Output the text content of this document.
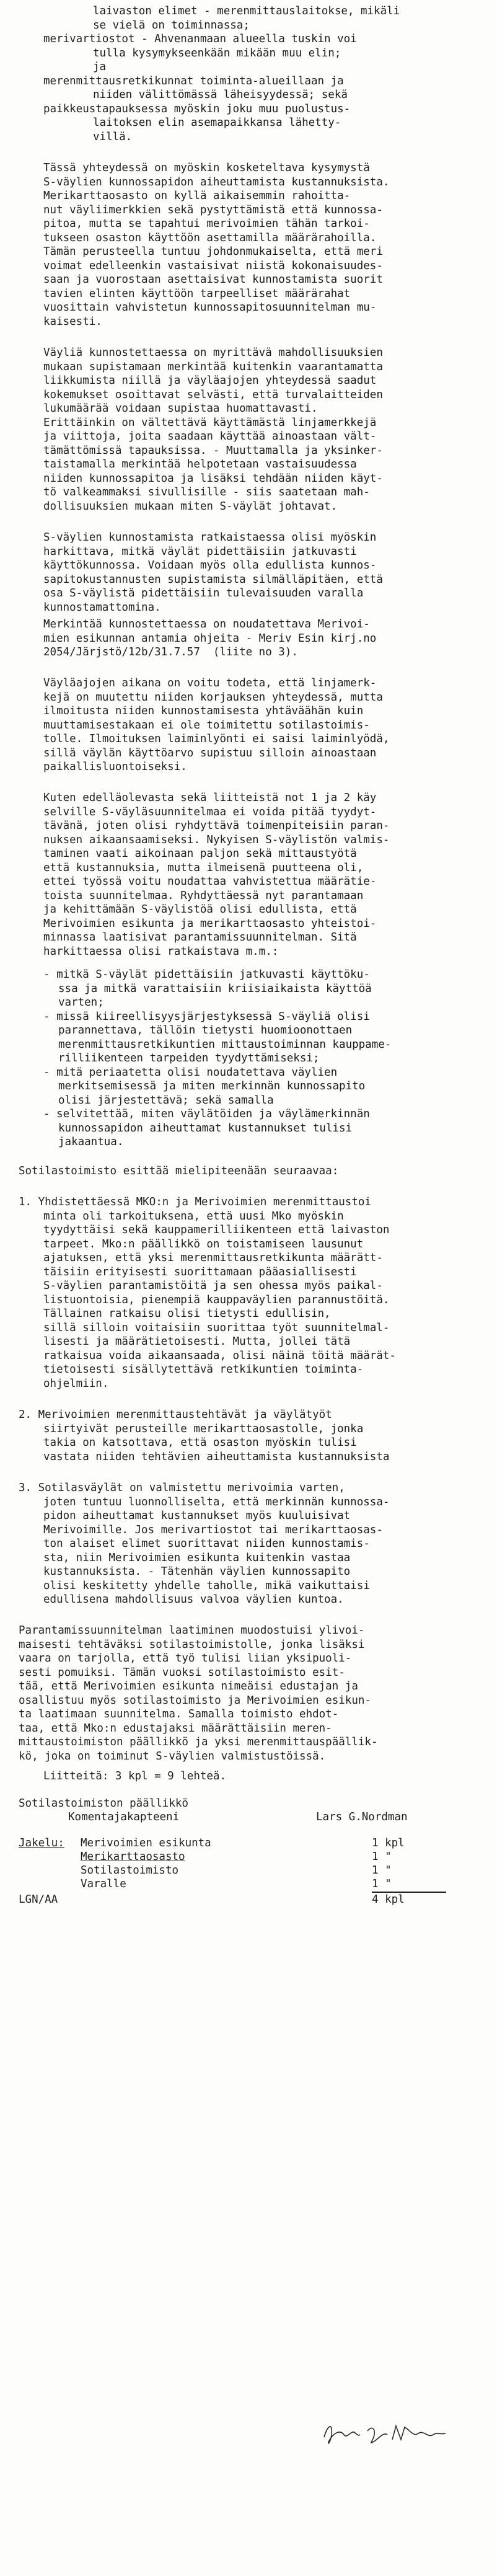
laivaston elimet - merenmittauslaitokse, mikäli
se vielä on toiminnassa;
merivartiostot - Ahvenanmaan alueella tuskin voi
tulla kysymykseenkään mikään muu elin;
ja
merenmittausretkikunnat toiminta-alueillaan ja
niiden välittömässä läheisyydessä; sekä
paikkeustapauksessa myöskin joku muu puolustus-
laitoksen elin asemapaikkansa lähetty-
villä.
Tässä yhteydessä on myöskin kosketeltava kysymystä
S-väylien kunnossapidon aiheuttamista kustannuksista.
Merikarttaosasto on kyllä aikaisemmin rahoitta-
nut väyliimerkkien sekä pystyttämistä että kunnossa-
pitoa, mutta se tapahtui merivoimien tähän tarkoi-
tukseen osaston käyttöön asettamilla määrärahoilla.
Tämän perusteella tuntuu johdonmukaiselta, että meri
voimat edelleenkin vastaisivat niistä kokonaisuudes-
saan ja vuorostaan asettaisivat kunnostamista suorit
tavien elinten käyttöön tarpeelliset määrärahat
vuosittain vahvistetun kunnossapitosuunnitelman mu-
kaisesti.
Väyliä kunnostettaessa on myrittävä mahdollisuuksien
mukaan supistamaan merkintää kuitenkin vaarantamatta
liikkumista niillä ja väyläajojen yhteydessä saadut
kokemukset osoittavat selvästi, että turvalaitteiden
lukumäärää voidaan supistaa huomattavasti.
Erittäinkin on vältettävä käyttämästä linjamerkkejä
ja viittoja, joita saadaan käyttää ainoastaan vält-
tämättömissä tapauksissa. - Muuttamalla ja yksinker-
taistamalla merkintää helpotetaan vastaisuudessa
niiden kunnossapitoa ja lisäksi tehdään niiden käyt-
tö valkeammaksi sivullisille - siis saatetaan mah-
dollisuuksien mukaan miten S-väylät johtavat.
S-väylien kunnostamista ratkaistaessa olisi myöskin
harkittava, mitkä väylät pidettäisiin jatkuvasti
käyttökunnossa. Voidaan myös olla edullista kunnos-
sapitokustannusten supistamista silmälläpitäen, että
osa S-väylistä pidettäisiin tulevaisuuden varalla
kunnostamattomina.
Merkintää kunnostettaessa on noudatettava Merivoi-
mien esikunnan antamia ohjeita - Meriv Esin kirj.no
2054/Järjstö/12b/31.7.57  (liite no 3).
Väyläajojen aikana on voitu todeta, että linjamerk-
kejä on muutettu niiden korjauksen yhteydessä, mutta
ilmoitusta niiden kunnostamisesta yhtäväähän kuin
muuttamisestakaan ei ole toimitettu sotilastoimis-
tolle. Ilmoituksen laiminlyönti ei saisi laiminlyödä,
sillä väylän käyttöarvo supistuu silloin ainoastaan
paikallisluontoiseksi.
Kuten edelläolevasta sekä liitteistä not 1 ja 2 käy
selville S-väyläsuunnitelmaa ei voida pitää tyydyt-
tävänä, joten olisi ryhdyttävä toimenpiteisiin paran-
nuksen aikaansaamiseksi. Nykyisen S-väylistön valmis-
taminen vaati aikoinaan paljon sekä mittaustyötä
että kustannuksia, mutta ilmeisenä puutteena oli,
ettei työssä voitu noudattaa vahvistettua määrätie-
toista suunnitelmaa. Ryhdyttäessä nyt parantamaan
ja kehittämään S-väylistöä olisi edullista, että
Merivoimien esikunta ja merikarttaosasto yhteistoi-
minnassa laatisivat parantamissuunnitelman. Sitä
harkittaessa olisi ratkaistava m.m.:
- mitkä S-väylät pidettäisiin jatkuvasti käyttöku-
ssa ja mitkä varattaisiin kriisiaikaista käyttöä
varten;
- missä kiireellisyysjärjestyksessä S-väyliä olisi
parannettava, tällöin tietysti huomioonottaen
merenmittausretkikuntien mittaustoiminnan kauppame-
rilliikenteen tarpeiden tyydyttämiseksi;
- mitä periaatetta olisi noudatettava väylien
merkitsemisessä ja miten merkinnän kunnossapito
olisi järjestettävä; sekä samalla
- selvitettää, miten väylätöiden ja väylämerkinnän
kunnossapidon aiheuttamat kustannukset tulisi
jakaantua.
Sotilastoimisto esittää mielipiteenään seuraavaa:
1. Yhdistettäessä MKO:n ja Merivoimien merenmittaustoi
minta oli tarkoituksena, että uusi Mko myöskin
tyydyttäisi sekä kauppamerilliikenteen että laivaston
tarpeet. Mko:n päällikkö on toistamiseen lausunut
ajatuksen, että yksi merenmittausretkikunta määrätt-
täisiin erityisesti suorittamaan pääasiallisesti
S-väylien parantamistöitä ja sen ohessa myös paikal-
listuontoisia, pienempiä kauppaväylien parannustöitä.
Tällainen ratkaisu olisi tietysti edullisin,
sillä silloin voitaisiin suorittaa työt suunnitelmal-
lisesti ja määrätietoisesti. Mutta, jollei tätä
ratkaisua voida aikaansaada, olisi näinä töitä määrät-
tietoisesti sisällytettävä retkikuntien toiminta-
ohjelmiin.
2. Merivoimien merenmittaustehtävät ja väylätyöt
siirtyivät perusteille merikarttaosastolle, jonka
takia on katsottava, että osaston myöskin tulisi
vastata niiden tehtävien aiheuttamista kustannuksista
3. Sotilasväylät on valmistettu merivoimia varten,
joten tuntuu luonnolliselta, että merkinnän kunnossa-
pidon aiheuttamat kustannukset myös kuuluisivat
Merivoimille. Jos merivartiostot tai merikarttaosas-
ton alaiset elimet suorittavat niiden kunnostamis-
sta, niin Merivoimien esikunta kuitenkin vastaa
kustannuksista. - Tätenhän väylien kunnossapito
olisi keskitetty yhdelle taholle, mikä vaikuttaisi
edullisena mahdollisuus valvoa väylien kuntoa.
Parantamissuunnitelman laatiminen muodostuisi ylivoi-
maisesti tehtäväksi sotilastoimistolle, jonka lisäksi
vaara on tarjolla, että työ tulisi liian yksipuoli-
sesti pomuiksi. Tämän vuoksi sotilastoimisto esit-
tää, että Merivoimien esikunta nimeäisi edustajan ja
osallistuu myös sotilastoimisto ja Merivoimien esikun-
ta laatimaan suunnitelma. Samalla toimisto ehdot-
taa, että Mko:n edustajaksi määrättäisiin meren-
mittaustoimiston päällikkö ja yksi merenmittauspäällik-
kö, joka on toiminut S-väylien valmistustöissä.
Liitteitä: 3 kpl = 9 lehteä.
Sotilastoimiston päällikkö
Komentajakapteeni	Lars G.Nordman
Jakelu: Merivoimien esikunta	1 kpl
Merikarttaosasto	1 "
Sotilastoimisto	1 "
Varalle	1 "
4 kpl
LGN/AA
